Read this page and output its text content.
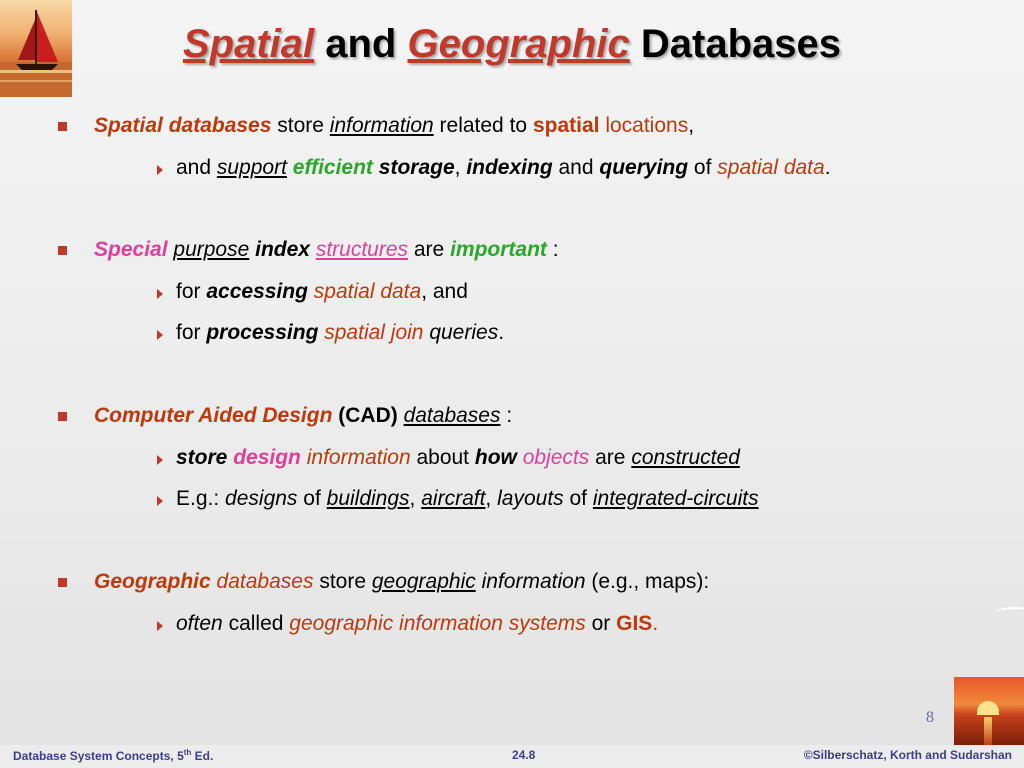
Spatial and Geographic Databases
Spatial databases store information related to spatial locations,
and support efficient storage, indexing and querying of spatial data.
Special purpose index structures are important :
for accessing spatial data, and
for processing spatial join queries.
Computer Aided Design (CAD) databases :
store design information about how objects are constructed
E.g.: designs of buildings, aircraft, layouts of integrated-circuits
Geographic databases store geographic information (e.g., maps):
often called geographic information systems or GIS.
8
Database System Concepts, 5th Ed.	24.8	©Silberschatz, Korth and Sudarshan
